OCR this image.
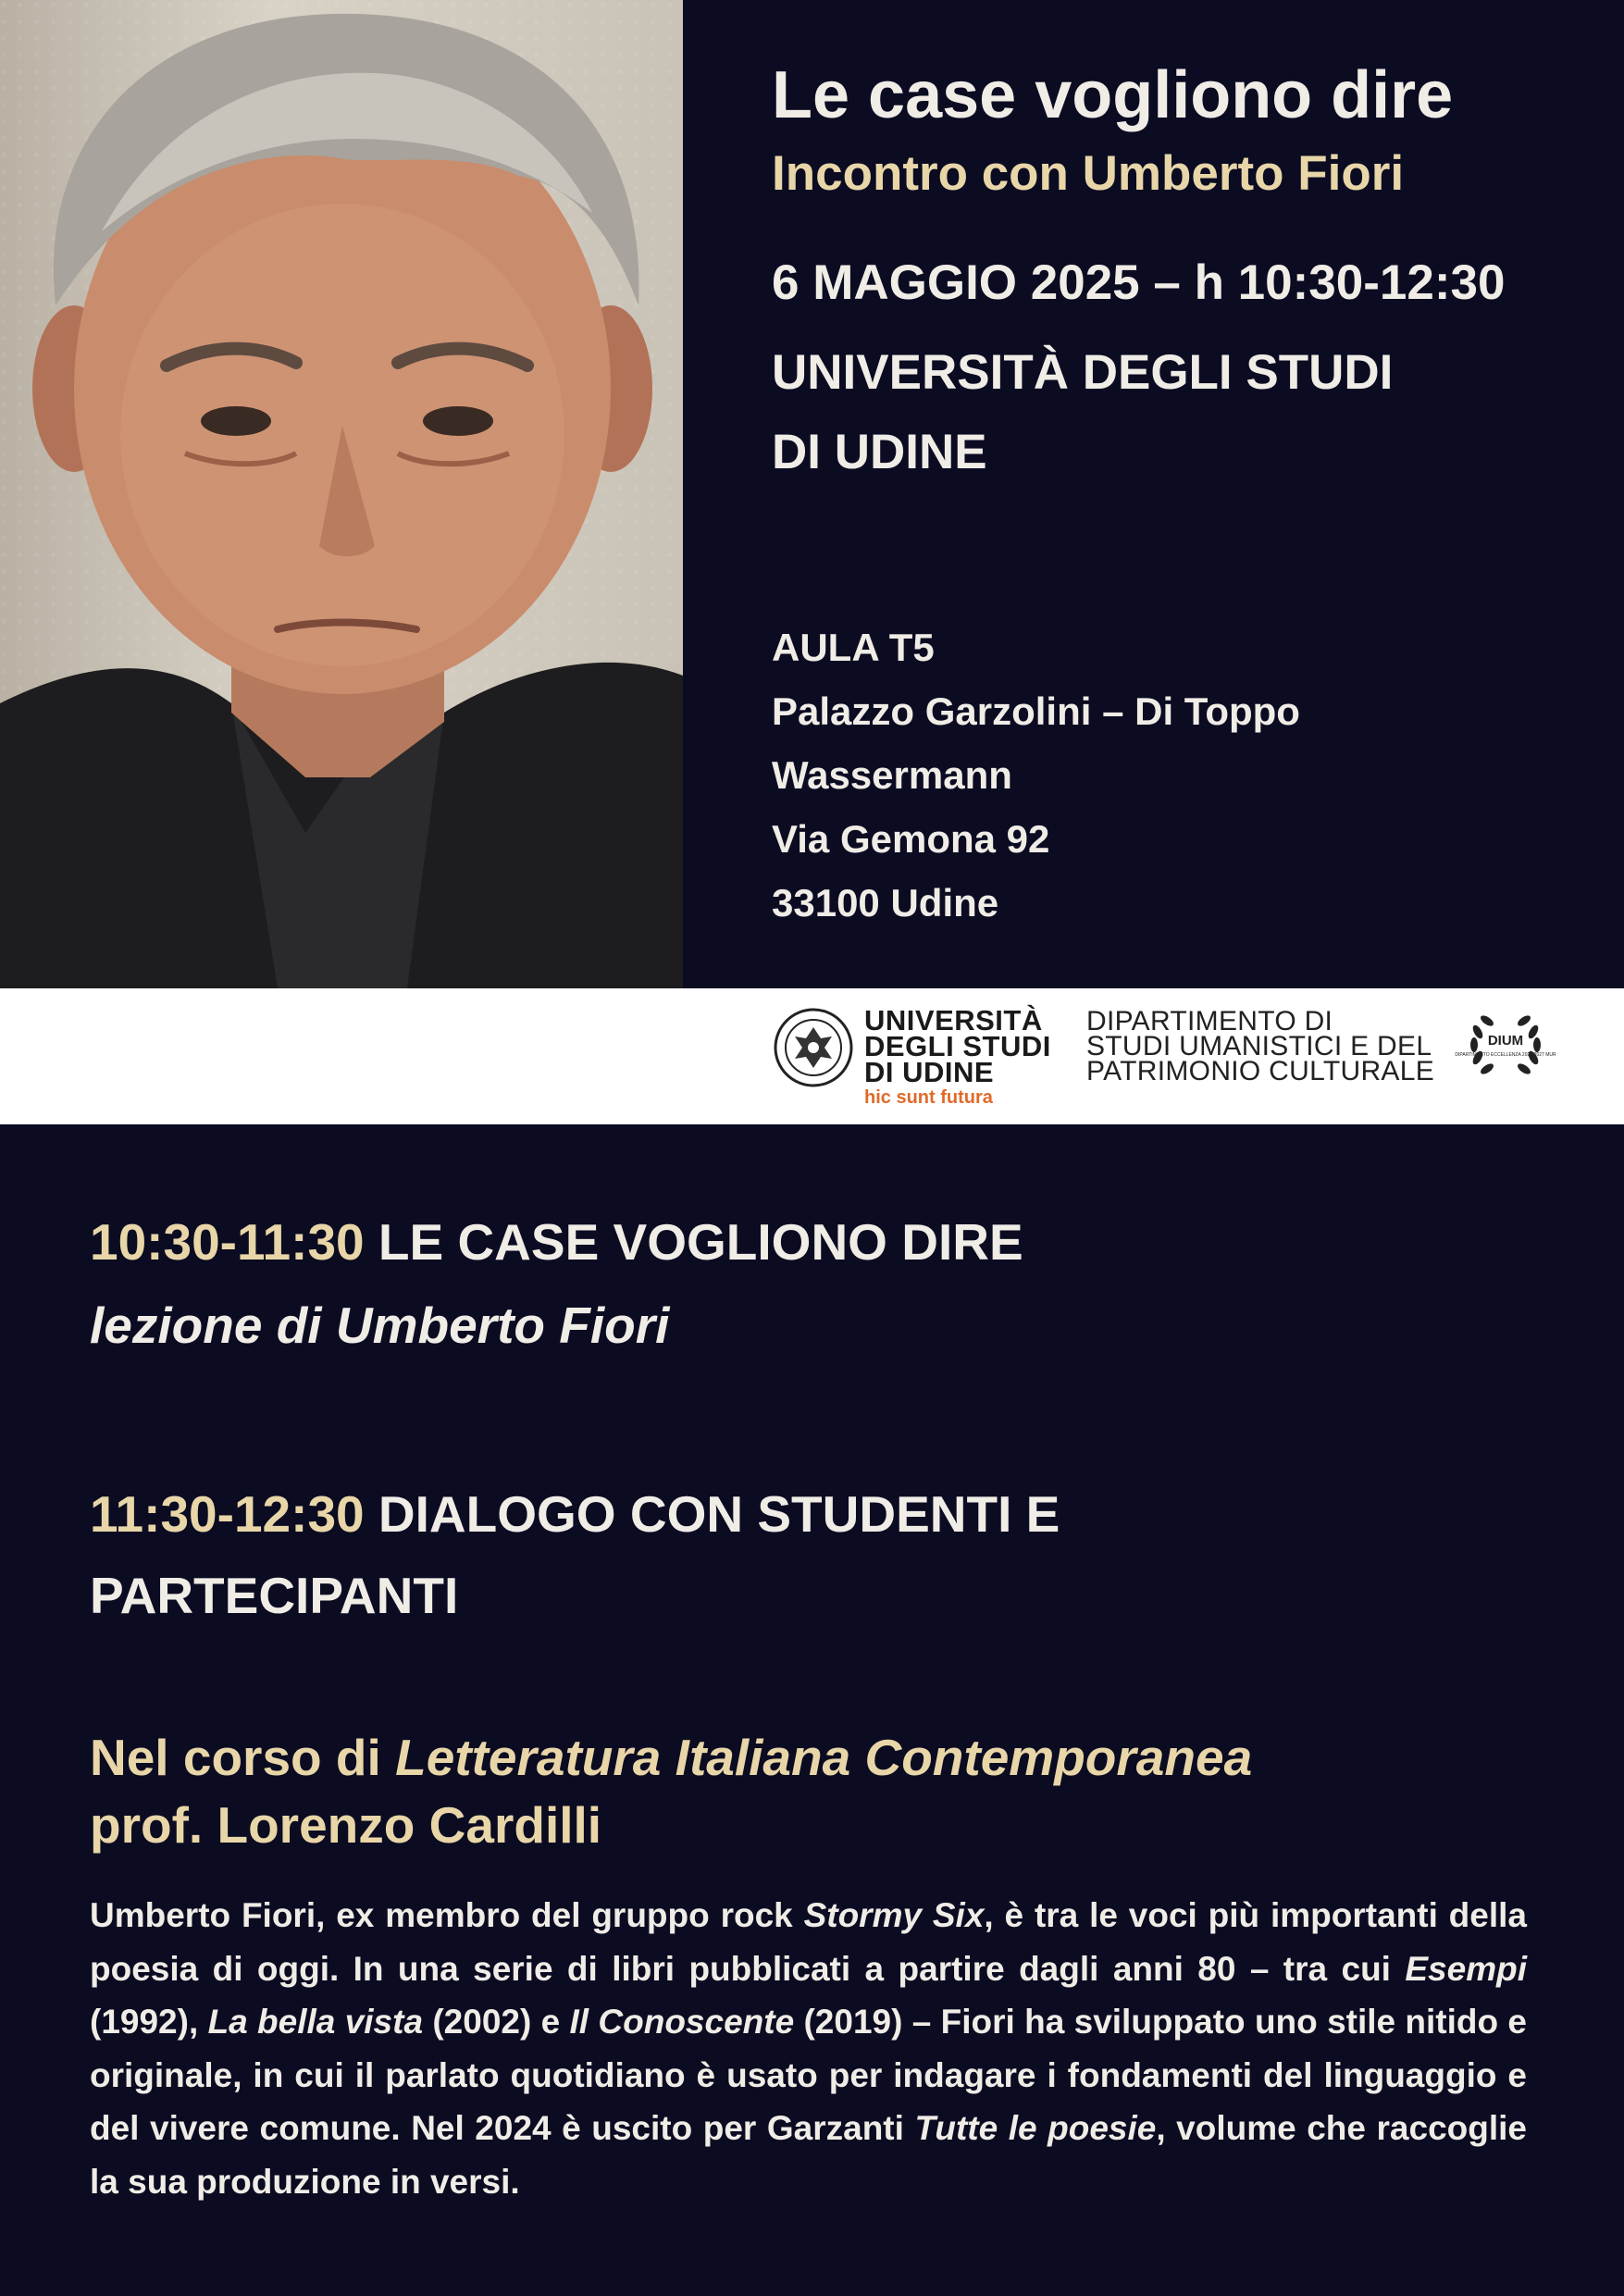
Le case vogliono dire
Incontro con Umberto Fiori
6 MAGGIO 2025 – h 10:30-12:30
UNIVERSITÀ DEGLI STUDI
DI UDINE
AULA T5
Palazzo Garzolini – Di Toppo
Wassermann
Via Gemona 92
33100 Udine
UNIVERSITÀ
DEGLI STUDI
DI UDINE
hic sunt futura
DIPARTIMENTO DI
STUDI UMANISTICI E DEL
PATRIMONIO CULTURALE
DIUM
DIPARTIMENTO ECCELLENZA 2023-2027 MUR
10:30-11:30 LE CASE VOGLIONO DIRE
lezione di Umberto Fiori
11:30-12:30 DIALOGO CON STUDENTI E PARTECIPANTI
Nel corso di Letteratura Italiana Contemporanea
prof. Lorenzo Cardilli
Umberto Fiori, ex membro del gruppo rock Stormy Six, è tra le voci più importanti della poesia di oggi. In una serie di libri pubblicati a partire dagli anni 80 – tra cui Esempi (1992), La bella vista (2002) e Il Conoscente (2019) – Fiori ha sviluppato uno stile nitido e originale, in cui il parlato quotidiano è usato per indagare i fondamenti del linguaggio e del vivere comune. Nel 2024 è uscito per Garzanti Tutte le poesie, volume che raccoglie la sua produzione in versi.
